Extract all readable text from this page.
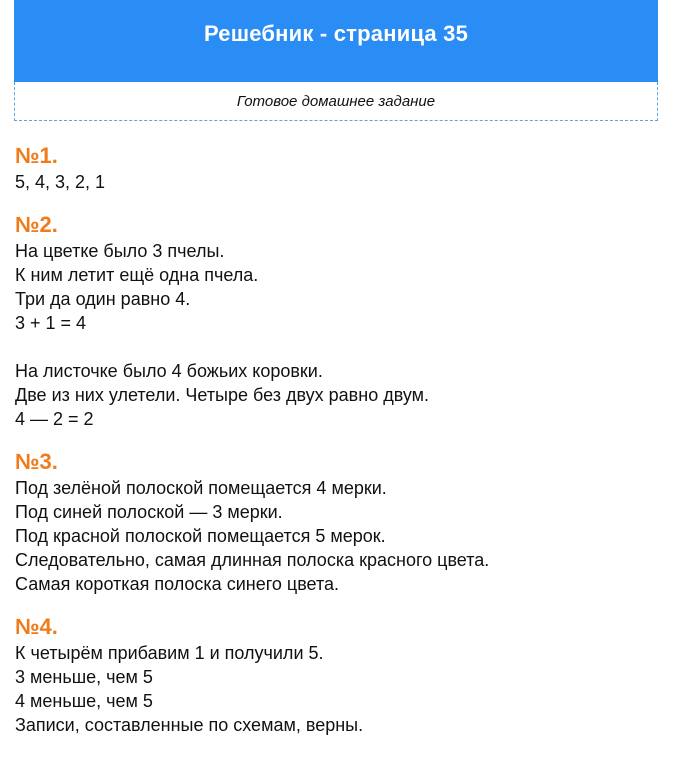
Решебник - страница 35
Готовое домашнее задание
№1.
5, 4, 3, 2, 1
№2.
На цветке было 3 пчелы.
К ним летит ещё одна пчела.
Три да один равно 4.
3 + 1 = 4
На листочке было 4 божьих коровки.
Две из них улетели. Четыре без двух равно двум.
4 — 2 = 2
№3.
Под зелёной полоской помещается 4 мерки.
Под синей полоской — 3 мерки.
Под красной полоской помещается 5 мерок.
Следовательно, самая длинная полоска красного цвета.
Самая короткая полоска синего цвета.
№4.
К четырём прибавим 1 и получили 5.
3 меньше, чем 5
4 меньше, чем 5
Записи, составленные по схемам, верны.
